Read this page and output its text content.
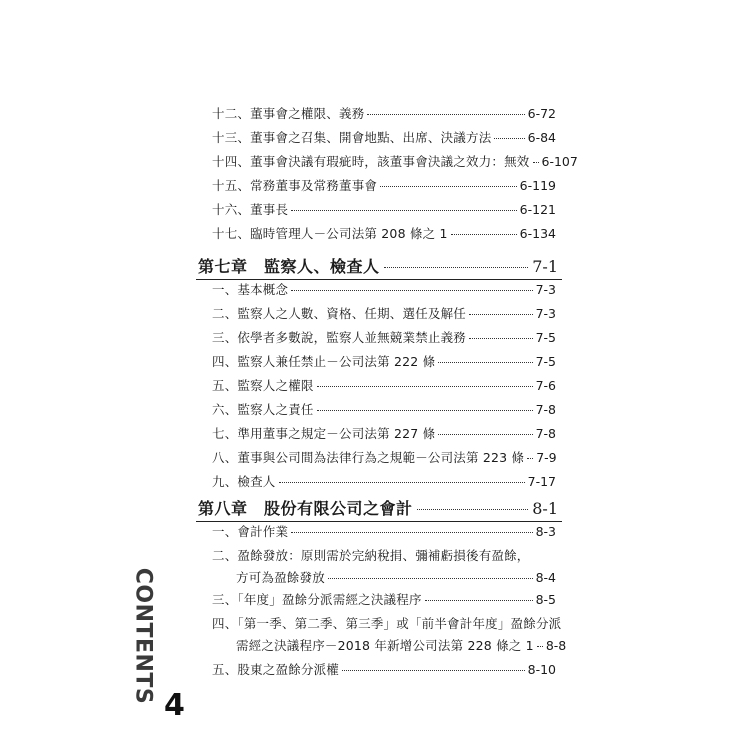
十二、董事會之權限、義務	6-72
十三、董事會之召集、開會地點、出席、決議方法	6-84
十四、董事會決議有瑕疵時，該董事會決議之效力：無效 6-107
十五、常務董事及常務董事會	6-119
十六、董事長	6-121
十七、臨時管理人－公司法第 208 條之 1	6-134
第七章　監察人、檢查人	7-1
一、基本概念	7-3
二、監察人之人數、資格、任期、選任及解任	7-3
三、依學者多數說，監察人並無競業禁止義務	7-5
四、監察人兼任禁止－公司法第 222 條	7-5
五、監察人之權限	7-6
六、監察人之責任	7-8
七、準用董事之規定－公司法第 227 條	7-8
八、董事與公司間為法律行為之規範－公司法第 223 條 7-9
九、檢查人	7-17
第八章　股份有限公司之會計	8-1
一、會計作業	8-3
二、盈餘發放：原則需於完納稅捐、彌補虧損後有盈餘，
方可為盈餘發放	8-4
三、「年度」盈餘分派需經之決議程序	8-5
四、「第一季、第二季、第三季」或「前半會計年度」盈餘分派
需經之決議程序－2018 年新增公司法第 228 條之 1 8-8
五、股東之盈餘分派權	8-10
CONTENTS
4
